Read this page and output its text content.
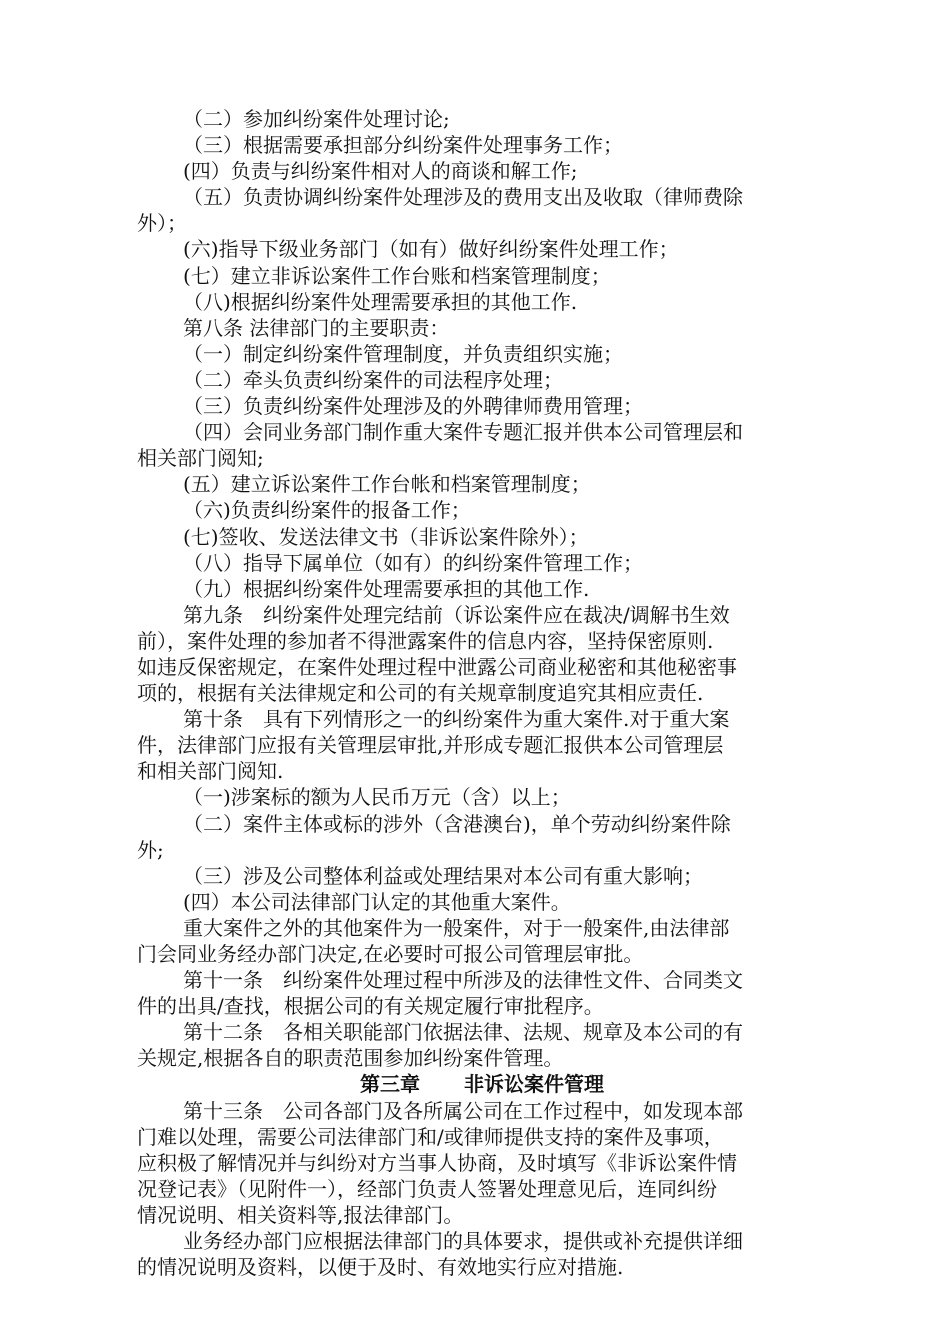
（二）参加纠纷案件处理讨论;
（三）根据需要承担部分纠纷案件处理事务工作；
(四）负责与纠纷案件相对人的商谈和解工作;
（五）负责协调纠纷案件处理涉及的费用支出及收取（律师费除
外）；
(六)指导下级业务部门（如有）做好纠纷案件处理工作；
(七）建立非诉讼案件工作台账和档案管理制度；
（八)根据纠纷案件处理需要承担的其他工作.
第八条 法律部门的主要职责：
（一）制定纠纷案件管理制度，并负责组织实施；
（二）牵头负责纠纷案件的司法程序处理；
（三）负责纠纷案件处理涉及的外聘律师费用管理；
（四）会同业务部门制作重大案件专题汇报并供本公司管理层和
相关部门阅知;
(五）建立诉讼案件工作台帐和档案管理制度；
（六)负责纠纷案件的报备工作；
(七)签收、发送法律文书（非诉讼案件除外）；
（八）指导下属单位（如有）的纠纷案件管理工作；
（九）根据纠纷案件处理需要承担的其他工作.
第九条　纠纷案件处理完结前（诉讼案件应在裁决/调解书生效
前），案件处理的参加者不得泄露案件的信息内容，坚持保密原则.
如违反保密规定，在案件处理过程中泄露公司商业秘密和其他秘密事
项的，根据有关法律规定和公司的有关规章制度追究其相应责任.
第十条　具有下列情形之一的纠纷案件为重大案件.对于重大案
件，法律部门应报有关管理层审批,并形成专题汇报供本公司管理层
和相关部门阅知.
（一)涉案标的额为人民币万元（含）以上；
（二）案件主体或标的涉外（含港澳台)，单个劳动纠纷案件除
外;
（三）涉及公司整体利益或处理结果对本公司有重大影响；
(四）本公司法律部门认定的其他重大案件。
重大案件之外的其他案件为一般案件，对于一般案件,由法律部
门会同业务经办部门决定,在必要时可报公司管理层审批。
第十一条　纠纷案件处理过程中所涉及的法律性文件、合同类文
件的出具/查找，根据公司的有关规定履行审批程序。
第十二条　各相关职能部门依据法律、法规、规章及本公司的有
关规定,根据各自的职责范围参加纠纷案件管理。
第三章 非诉讼案件管理
第十三条　公司各部门及各所属公司在工作过程中，如发现本部
门难以处理，需要公司法律部门和/或律师提供支持的案件及事项，
应积极了解情况并与纠纷对方当事人协商，及时填写《非诉讼案件情
况登记表》（见附件一），经部门负责人签署处理意见后，连同纠纷
情况说明、相关资料等,报法律部门。
业务经办部门应根据法律部门的具体要求，提供或补充提供详细
的情况说明及资料，以便于及时、有效地实行应对措施.
